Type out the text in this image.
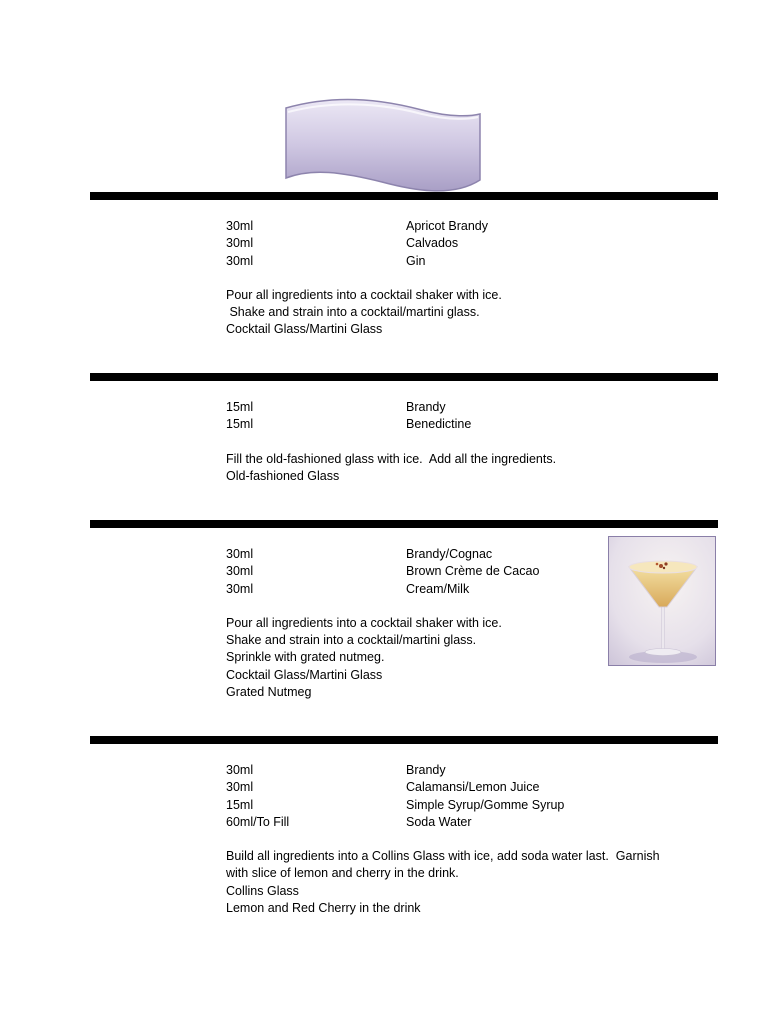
30ml	Apricot Brandy
30ml	Calvados
30ml	Gin
Pour all ingredients into a cocktail shaker with ice.
Shake and strain into a cocktail/martini glass.
Cocktail Glass/Martini Glass
15ml	Brandy
15ml	Benedictine
Fill the old-fashioned glass with ice.  Add all the ingredients.
Old-fashioned Glass
30ml	Brandy/Cognac
30ml	Brown Crème de Cacao
30ml	Cream/Milk
Pour all ingredients into a cocktail shaker with ice.
Shake and strain into a cocktail/martini glass.
Sprinkle with grated nutmeg.
Cocktail Glass/Martini Glass
Grated Nutmeg
30ml	Brandy
30ml	Calamansi/Lemon Juice
15ml	Simple Syrup/Gomme Syrup
60ml/To Fill	Soda Water
Build all ingredients into a Collins Glass with ice, add soda water last.  Garnish
with slice of lemon and cherry in the drink.
Collins Glass
Lemon and Red Cherry in the drink
